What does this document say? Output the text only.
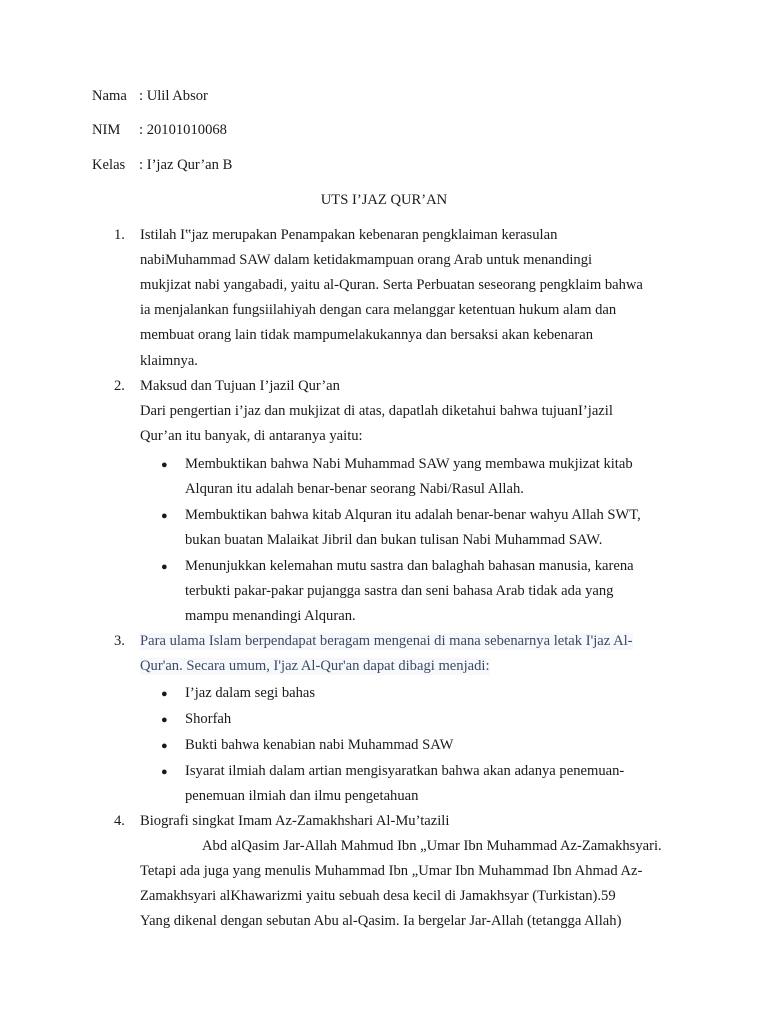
Nama : Ulil Absor
NIM : 20101010068
Kelas : I’jaz Qur’an B
UTS I’JAZ QUR’AN
1. Istilah I‟jaz merupakan Penampakan kebenaran pengklaiman kerasulan
nabiMuhammad SAW dalam ketidakmampuan orang Arab untuk menandingi
mukjizat nabi yangabadi, yaitu al-Quran. Serta Perbuatan seseorang pengklaim bahwa
ia menjalankan fungsiilahiyah dengan cara melanggar ketentuan hukum alam dan
membuat orang lain tidak mampumelakukannya dan bersaksi akan kebenaran
klaimnya.
2. Maksud dan Tujuan I’jazil Qur’an
Dari pengertian i’jaz dan mukjizat di atas, dapatlah diketahui bahwa tujuanI’jazil
Qur’an itu banyak, di antaranya yaitu:
● Membuktikan bahwa Nabi Muhammad SAW yang membawa mukjizat kitab
Alquran itu adalah benar-benar seorang Nabi/Rasul Allah.
● Membuktikan bahwa kitab Alquran itu adalah benar-benar wahyu Allah SWT,
bukan buatan Malaikat Jibril dan bukan tulisan Nabi Muhammad SAW.
● Menunjukkan kelemahan mutu sastra dan balaghah bahasan manusia, karena
terbukti pakar-pakar pujangga sastra dan seni bahasa Arab tidak ada yang
mampu menandingi Alquran.
3. Para ulama Islam berpendapat beragam mengenai di mana sebenarnya letak I'jaz Al-
Qur'an. Secara umum, I'jaz Al-Qur'an dapat dibagi menjadi:
● I’jaz dalam segi bahas
● Shorfah
● Bukti bahwa kenabian nabi Muhammad SAW
● Isyarat ilmiah dalam artian mengisyaratkan bahwa akan adanya penemuan-
penemuan ilmiah dan ilmu pengetahuan
4. Biografi singkat Imam Az-Zamakhshari Al-Mu’tazili
Abd alQasim Jar-Allah Mahmud Ibn „Umar Ibn Muhammad Az-Zamakhsyari.
Tetapi ada juga yang menulis Muhammad Ibn „Umar Ibn Muhammad Ibn Ahmad Az-
Zamakhsyari alKhawarizmi yaitu sebuah desa kecil di Jamakhsyar (Turkistan).59
Yang dikenal dengan sebutan Abu al-Qasim. Ia bergelar Jar-Allah (tetangga Allah)
